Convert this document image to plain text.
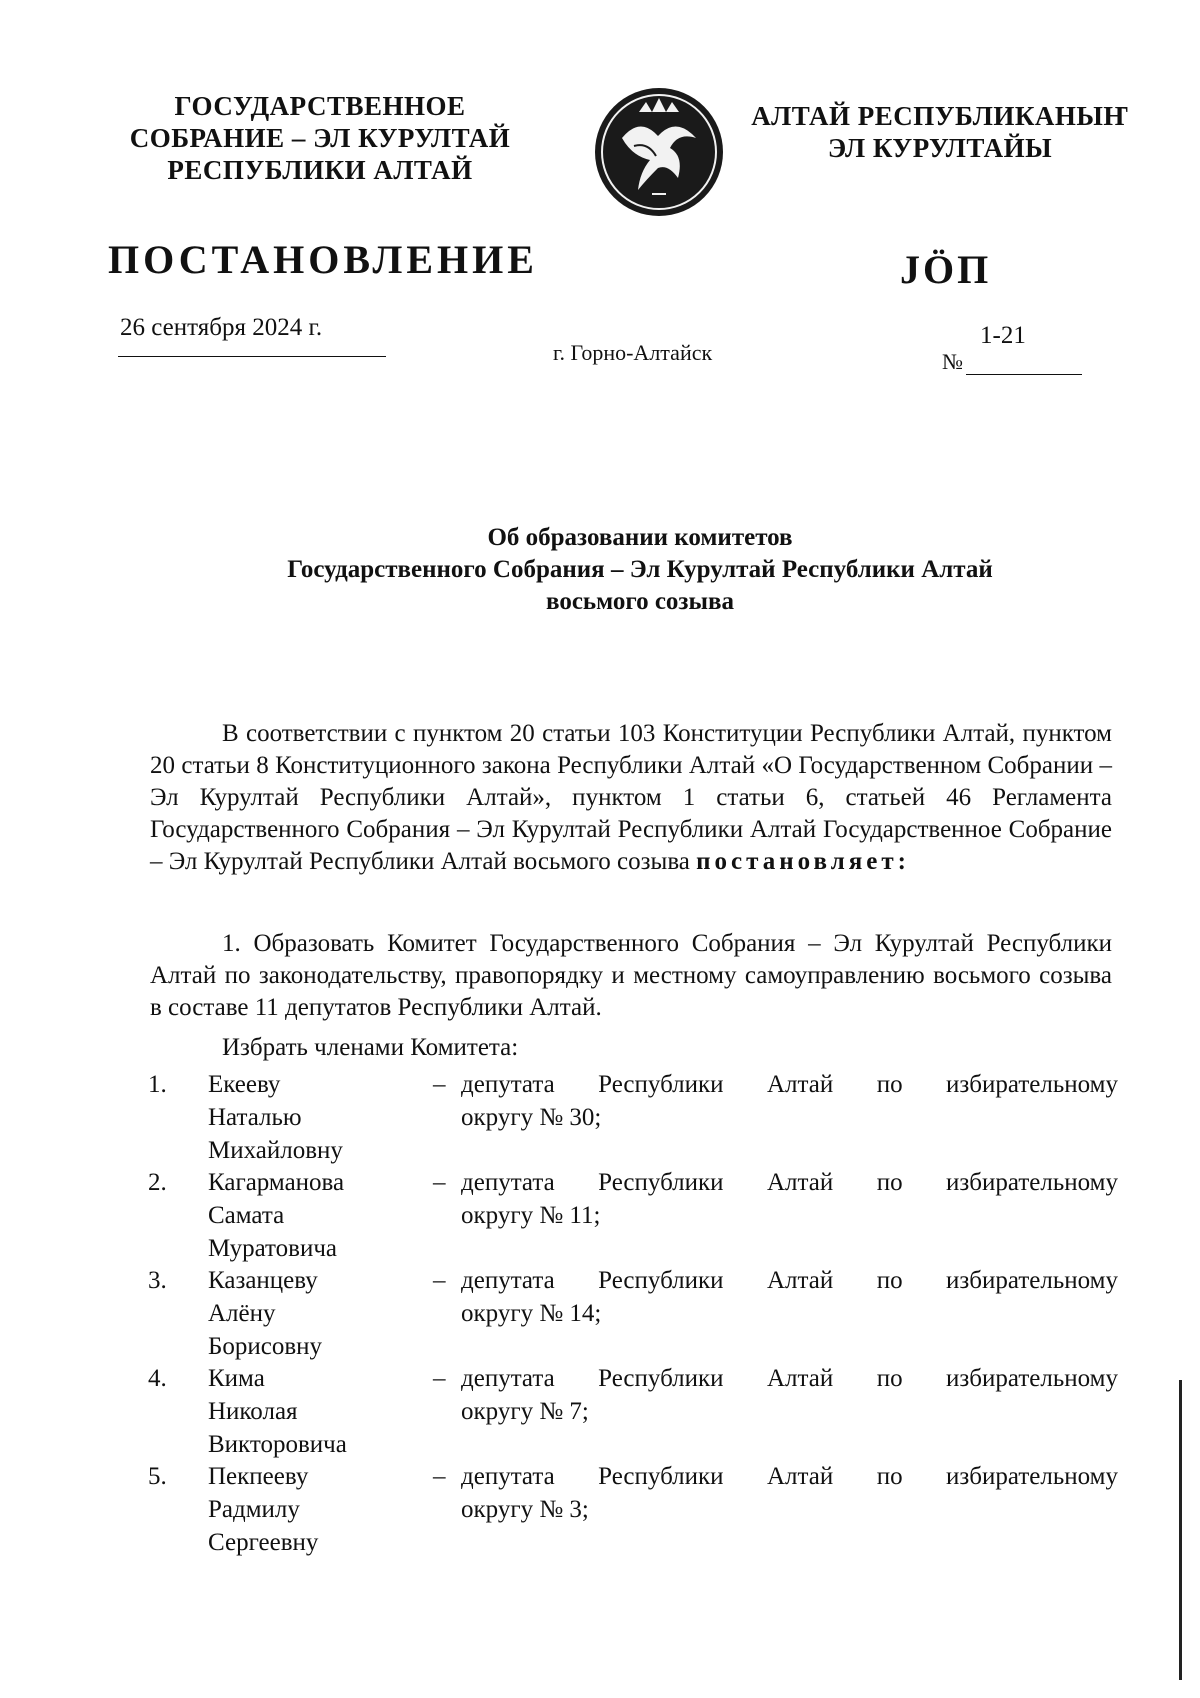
ГОСУДАРСТВЕННОЕ
СОБРАНИЕ – ЭЛ КУРУЛТАЙ
РЕСПУБЛИКИ АЛТАЙ
АЛТАЙ РЕСПУБЛИКАНЫҤ
ЭЛ КУРУЛТАЙЫ
ПОСТАНОВЛЕНИЕ	JÖП
26 сентября 2024 г.
г. Горно-Алтайск
1-21
№
Об образовании комитетов
Государственного Собрания – Эл Курултай Республики Алтай
восьмого созыва
В соответствии с пунктом 20 статьи 103 Конституции Республики Алтай, пунктом 20 статьи 8 Конституционного закона Республики Алтай «О Государственном Собрании – Эл Курултай Республики Алтай», пунктом 1 статьи 6, статьей 46 Регламента Государственного Собрания – Эл Курултай Республики Алтай Государственное Собрание – Эл Курултай Республики Алтай восьмого созыва постановляет:
1. Образовать Комитет Государственного Собрания – Эл Курултай Республики Алтай по законодательству, правопорядку и местному самоуправлению восьмого созыва в составе 11 депутатов Республики Алтай.
Избрать членами Комитета:
1.	Екееву
Наталью
Михайловну
– депутата Республики Алтай по избирательному
округу № 30;
2.	Кагарманова
Самата
Муратовича
– депутата Республики Алтай по избирательному
округу № 11;
3.	Казанцеву
Алёну
Борисовну
– депутата Республики Алтай по избирательному
округу № 14;
4.	Кима
Николая
Викторовича
– депутата Республики Алтай по избирательному
округу № 7;
5.	Пекпееву
Радмилу
Сергеевну
– депутата Республики Алтай по избирательному
округу № 3;
